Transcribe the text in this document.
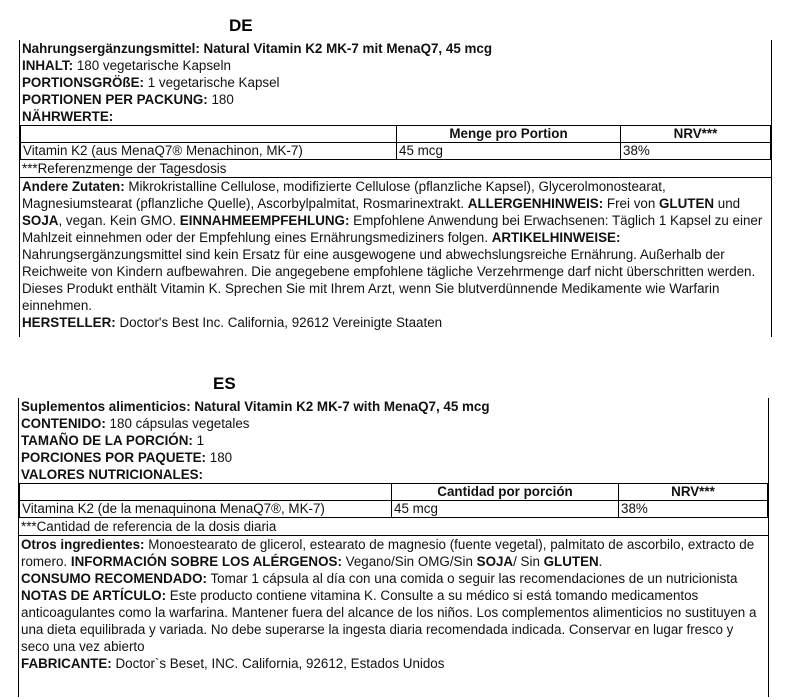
DE
Nahrungsergänzungsmittel: Natural Vitamin K2 MK-7 mit MenaQ7, 45 mcg
INHALT: 180 vegetarische Kapseln
PORTIONSGRÖßE: 1 vegetarische Kapsel
PORTIONEN PER PACKUNG: 180
NÄHRWERTE:
	Menge pro Portion	NRV***
Vitamin K2 (aus MenaQ7® Menachinon, MK-7)	45 mcg	38%
***Referenzmenge der Tagesdosis
Andere Zutaten: Mikrokristalline Cellulose, modifizierte Cellulose (pflanzliche Kapsel), Glycerolmonostearat, Magnesiumstearat (pflanzliche Quelle), Ascorbylpalmitat, Rosmarinextrakt. ALLERGENHINWEIS: Frei von GLUTEN und SOJA, vegan. Kein GMO. EINNAHMEEMPFEHLUNG: Empfohlene Anwendung bei Erwachsenen: Täglich 1 Kapsel zu einer Mahlzeit einnehmen oder der Empfehlung eines Ernährungsmediziners folgen. ARTIKELHINWEISE: Nahrungsergänzungsmittel sind kein Ersatz für eine ausgewogene und abwechslungsreiche Ernährung. Außerhalb der Reichweite von Kindern aufbewahren. Die angegebene empfohlene tägliche Verzehrmenge darf nicht überschritten werden. Dieses Produkt enthält Vitamin K. Sprechen Sie mit Ihrem Arzt, wenn Sie blutverdünnende Medikamente wie Warfarin einnehmen.
HERSTELLER: Doctor's Best Inc. California, 92612 Vereinigte Staaten
ES
Suplementos alimenticios: Natural Vitamin K2 MK-7 with MenaQ7, 45 mcg
CONTENIDO: 180 cápsulas vegetales
TAMAÑO DE LA PORCIÓN: 1
PORCIONES POR PAQUETE: 180
VALORES NUTRICIONALES:
	Cantidad por porción	NRV***
Vitamina K2 (de la menaquinona MenaQ7®, MK-7)	45 mcg	38%
***Cantidad de referencia de la dosis diaria
Otros ingredientes: Monoestearato de glicerol, estearato de magnesio (fuente vegetal), palmitato de ascorbilo, extracto de romero. INFORMACIÓN SOBRE LOS ALÉRGENOS: Vegano/Sin OMG/Sin SOJA/ Sin GLUTEN.
CONSUMO RECOMENDADO: Tomar 1 cápsula al día con una comida o seguir las recomendaciones de un nutricionista NOTAS DE ARTÍCULO: Este producto contiene vitamina K. Consulte a su médico si está tomando medicamentos anticoagulantes como la warfarina. Mantener fuera del alcance de los niños. Los complementos alimenticios no sustituyen a una dieta equilibrada y variada. No debe superarse la ingesta diaria recomendada indicada. Conservar en lugar fresco y seco una vez abierto
FABRICANTE: Doctor`s Beset, INC. California, 92612, Estados Unidos
